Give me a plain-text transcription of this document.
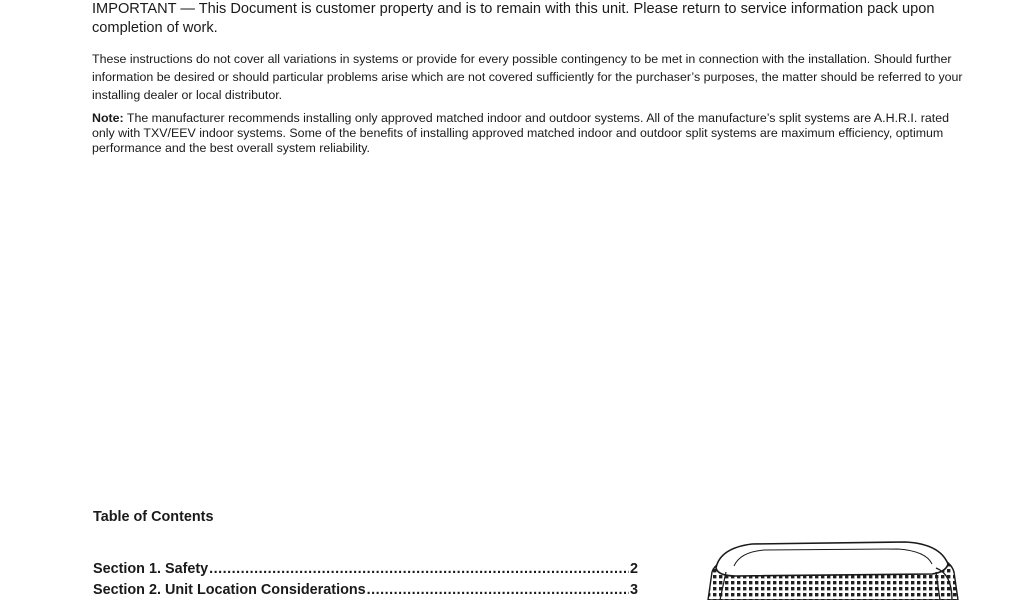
IMPORTANT — This Document is customer property and is to remain with this unit. Please return to service information pack upon completion of work.

These instructions do not cover all variations in systems or provide for every possible contingency to be met in connection with the installation. Should further information be desired or should particular problems arise which are not covered sufficiently for the purchaser’s purposes, the matter should be referred to your installing dealer or local distributor.

Note: The manufacturer recommends installing only approved matched indoor and outdoor systems. All of the manufacture’s split systems are A.H.R.I. rated only with TXV/EEV indoor systems. Some of the benefits of installing approved matched indoor and outdoor split systems are maximum efficiency, optimum performance and the best overall system reliability.

Table of Contents
Section 1. Safety .....	2
Section 2. Unit Location Considerations .....	3
